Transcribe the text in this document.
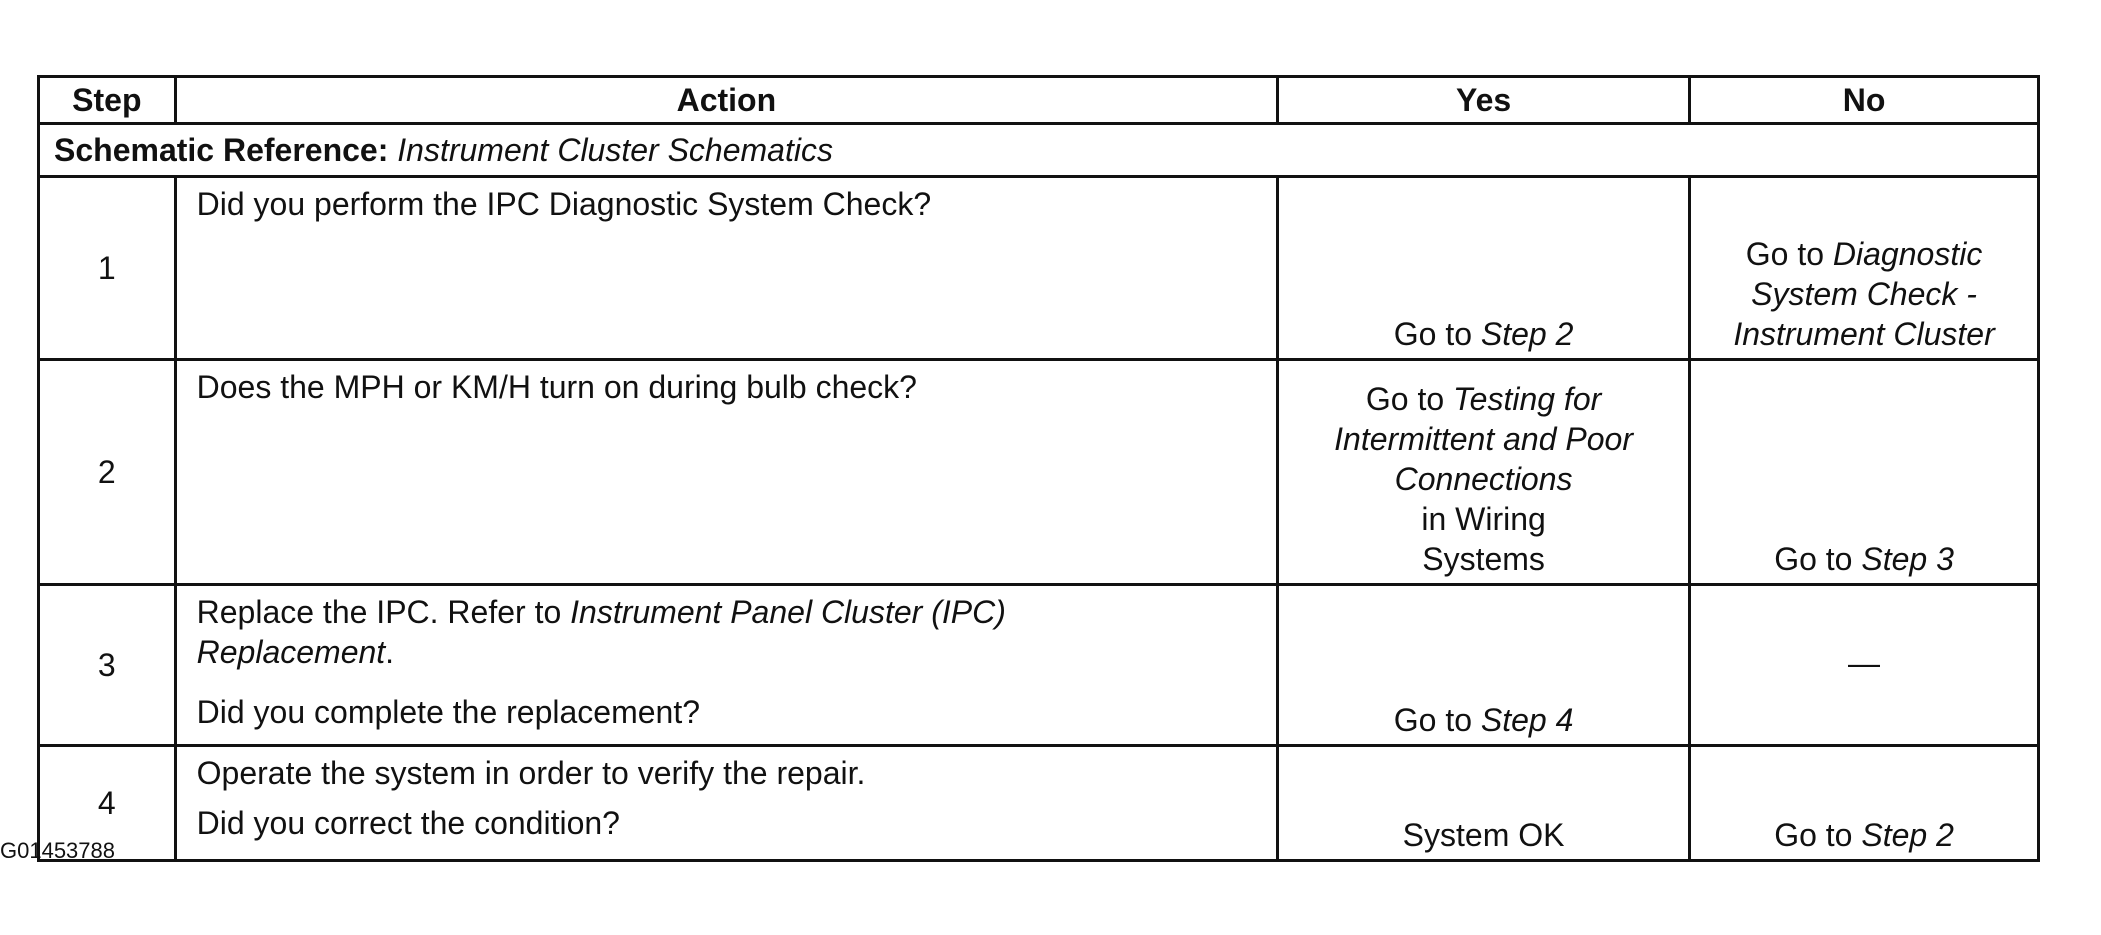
Step	Action	Yes	No
Schematic Reference: Instrument Cluster Schematics			
1	Did you perform the IPC Diagnostic System Check?	Go to Step 2	Go to Diagnostic
System Check -
Instrument Cluster
2	Does the MPH or KM/H turn on during bulb check?	Go to Testing for
Intermittent and Poor
Connections
in Wiring
Systems	Go to Step 3
3	Replace the IPC. Refer to Instrument Panel Cluster (IPC)
Replacement.

Did you complete the replacement?	Go to Step 4	—
4	Operate the system in order to verify the repair.

Did you correct the condition?	System OK	Go to Step 2
G01453788
